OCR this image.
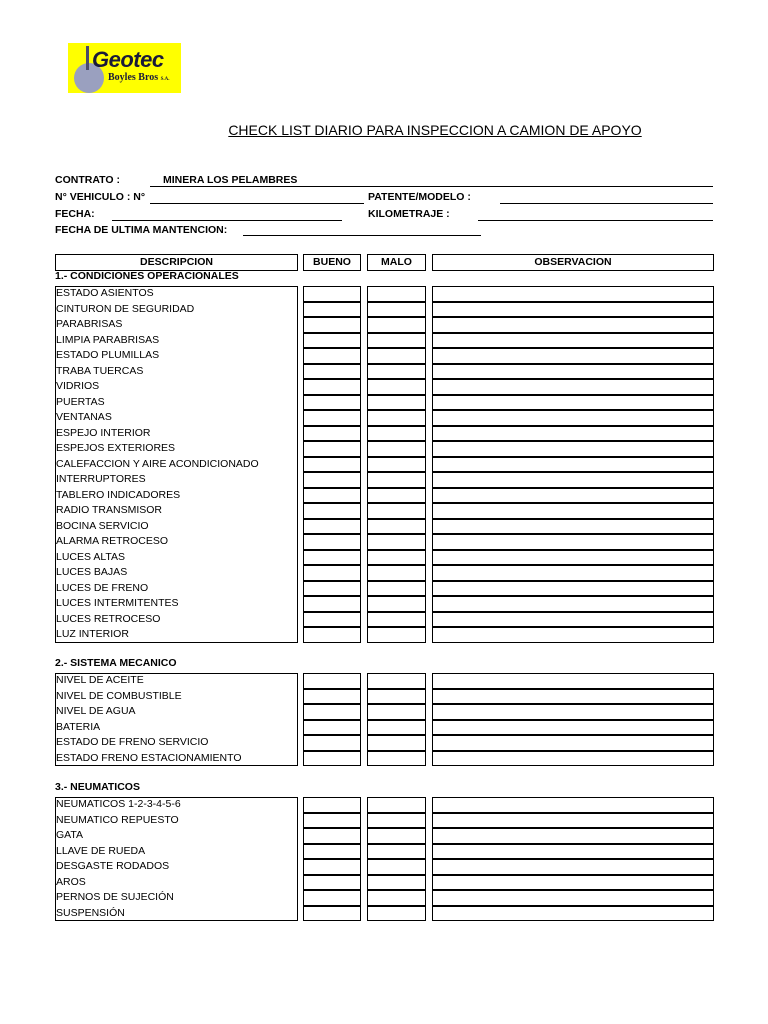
Geotec
Boyles Bros S.A.
CHECK LIST DIARIO PARA INSPECCION A CAMION DE APOYO
CONTRATO :	MINERA LOS PELAMBRES
N° VEHICULO : N°	PATENTE/MODELO :
FECHA:	KILOMETRAJE :
FECHA DE ULTIMA MANTENCION:
DESCRIPCION	BUENO	MALO	OBSERVACION
1.- CONDICIONES OPERACIONALES
ESTADO ASIENTOS
CINTURON DE SEGURIDAD
PARABRISAS
LIMPIA PARABRISAS
ESTADO PLUMILLAS
TRABA TUERCAS
VIDRIOS
PUERTAS
VENTANAS
ESPEJO INTERIOR
ESPEJOS EXTERIORES
CALEFACCION Y AIRE ACONDICIONADO
INTERRUPTORES
TABLERO INDICADORES
RADIO TRANSMISOR
BOCINA SERVICIO
ALARMA RETROCESO
LUCES ALTAS
LUCES BAJAS
LUCES DE FRENO
LUCES INTERMITENTES
LUCES RETROCESO
LUZ INTERIOR
2.- SISTEMA MECANICO
NIVEL DE ACEITE
NIVEL DE COMBUSTIBLE
NIVEL DE AGUA
BATERIA
ESTADO DE FRENO SERVICIO
ESTADO FRENO ESTACIONAMIENTO
3.- NEUMATICOS
NEUMATICOS 1-2-3-4-5-6
NEUMATICO REPUESTO
GATA
LLAVE DE RUEDA
DESGASTE RODADOS
AROS
PERNOS DE SUJECIÓN
SUSPENSIÓN
